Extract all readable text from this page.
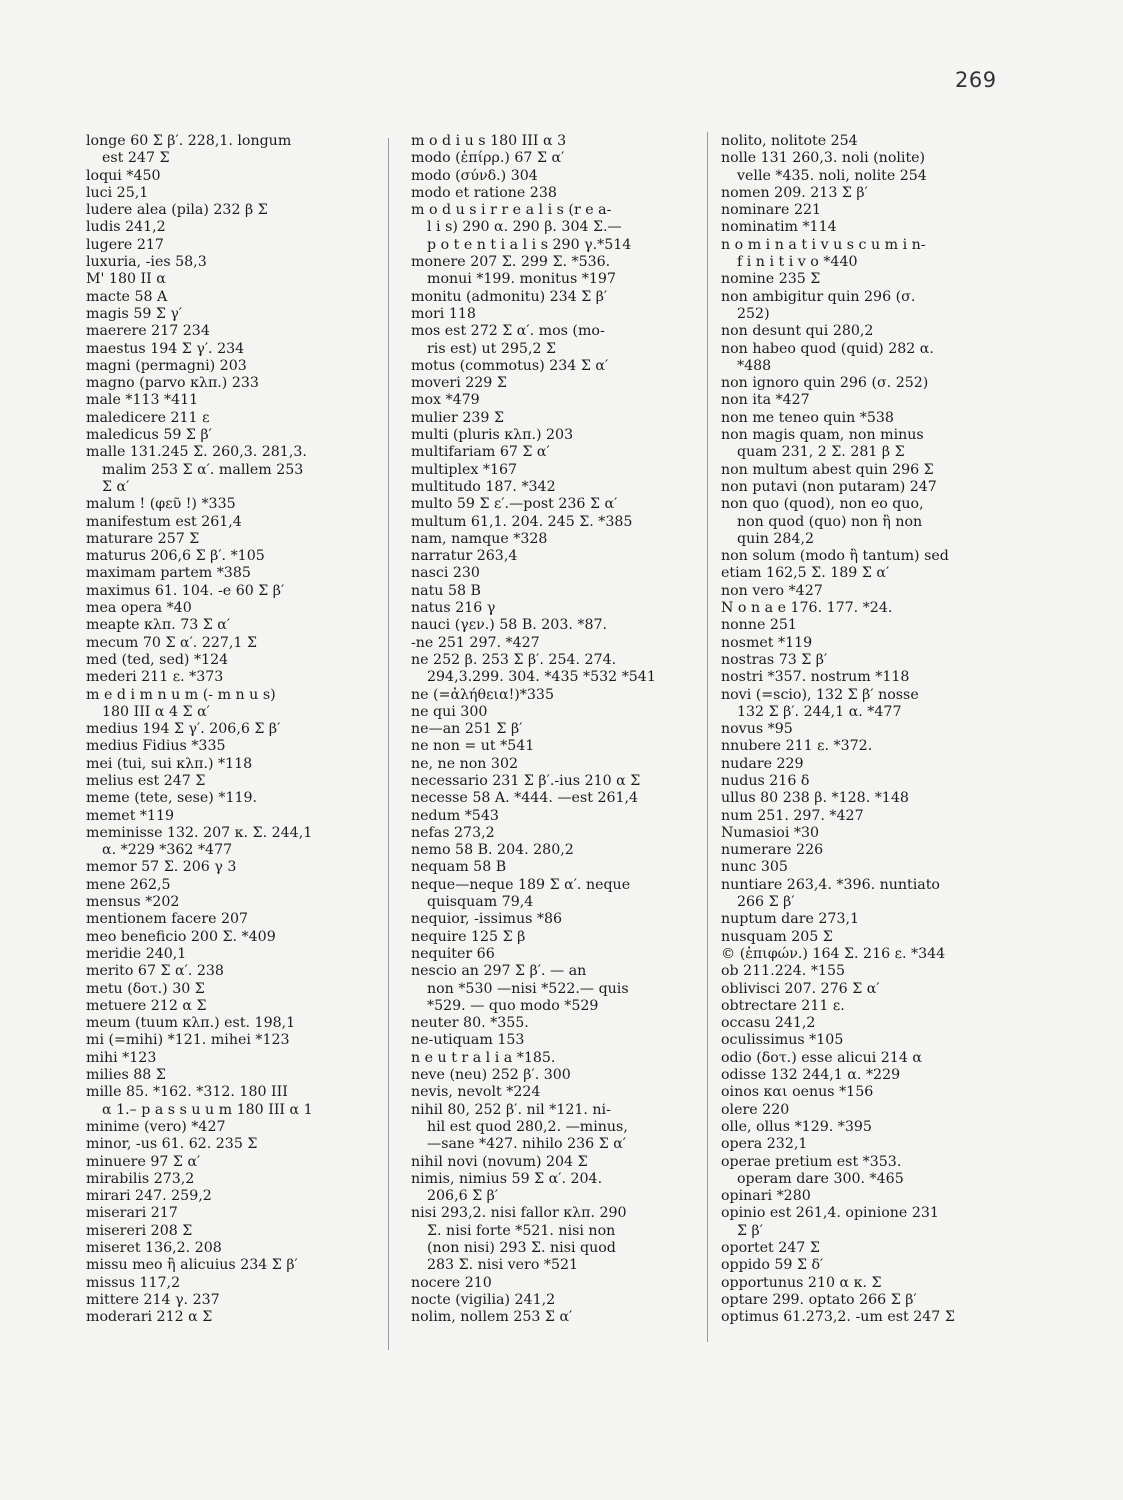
269
longe 60 Σ β′. 228,1. longum
est 247 Σ
loqui *450
luci 25,1
ludere alea (pila) 232 β Σ
ludis 241,2
lugere 217
luxuria, -ies 58,3
M' 180 II α
macte 58 A
magis 59 Σ γ′
maerere 217 234
maestus 194 Σ γ′. 234
magni (permagni) 203
magno (parvo κλπ.) 233
male *113 *411
maledicere 211 ε
maledicus 59 Σ β′
malle 131.245 Σ. 260,3. 281,3.
malim 253 Σ α′. mallem 253
Σ α′
malum ! (φεῦ !) *335
manifestum est 261,4
maturare 257 Σ
maturus 206,6 Σ β′. *105
maximam partem *385
maximus 61. 104. -e 60 Σ β′
mea opera *40
meapte κλπ. 73 Σ α′
mecum 70 Σ α′. 227,1 Σ
med (ted, sed) *124
mederi 211 ε. *373
m e d i m n u m (- m n u s)
180 III α 4 Σ α′
medius 194 Σ γ′. 206,6 Σ β′
medius Fidius *335
mei (tui, sui κλπ.) *118
melius est 247 Σ
meme (tete, sese) *119.
memet *119
meminisse 132. 207 κ. Σ. 244,1
α. *229 *362 *477
memor 57 Σ. 206 γ 3
mene 262,5
mensus *202
mentionem facere 207
meo beneficio 200 Σ. *409
meridie 240,1
merito 67 Σ α′. 238
metu (δοτ.) 30 Σ
metuere 212 α Σ
meum (tuum κλπ.) est. 198,1
mi (=mihi) *121. mihei *123
mihi *123
milies 88 Σ
mille 85. *162. *312. 180 III
α 1.– p a s s u u m 180 III α 1
minime (vero) *427
minor, -us 61. 62. 235 Σ
minuere 97 Σ α′
mirabilis 273,2
mirari 247. 259,2
miserari 217
misereri 208 Σ
miseret 136,2. 208
missu meo ἢ alicuius 234 Σ β′
missus 117,2
mittere 214 γ. 237
moderari 212 α Σ
m o d i u s 180 III α 3
modo (ἐπίρρ.) 67 Σ α′
modo (σύνδ.) 304
modo et ratione 238
m o d u s i r r e a l i s (r e a-
l i s) 290 α. 290 β. 304 Σ.—
p o t e n t i a l i s 290 γ.*514
monere 207 Σ. 299 Σ. *536.
monui *199. monitus *197
monitu (admonitu) 234 Σ β′
mori 118
mos est 272 Σ α′. mos (mo-
ris est) ut 295,2 Σ
motus (commotus) 234 Σ α′
moveri 229 Σ
mox *479
mulier 239 Σ
multi (pluris κλπ.) 203
multifariam 67 Σ α′
multiplex *167
multitudo 187. *342
multo 59 Σ ε′.—post 236 Σ α′
multum 61,1. 204. 245 Σ. *385
nam, namque *328
narratur 263,4
nasci 230
natu 58 B
natus 216 γ
nauci (γεν.) 58 B. 203. *87.
-ne 251 297. *427
ne 252 β. 253 Σ β′. 254. 274.
294,3.299. 304. *435 *532 *541
ne (=ἀλήθεια!)*335
ne qui 300
ne—an 251 Σ β′
ne non = ut *541
ne, ne non 302
necessario 231 Σ β′.-ius 210 α Σ
necesse 58 A. *444. —est 261,4
nedum *543
nefas 273,2
nemo 58 B. 204. 280,2
nequam 58 B
neque—neque 189 Σ α′. neque
quisquam 79,4
nequior, -issimus *86
nequire 125 Σ β
nequiter 66
nescio an 297 Σ β′. — an
non *530 —nisi *522.— quis
*529. — quo modo *529
neuter 80. *355.
ne-utiquam 153
n e u t r a l i a *185.
neve (neu) 252 β′. 300
nevis, nevolt *224
nihil 80, 252 β′. nil *121. ni-
hil est quod 280,2. —minus,
—sane *427. nihilo 236 Σ α′
nihil novi (novum) 204 Σ
nimis, nimius 59 Σ α′. 204.
206,6 Σ β′
nisi 293,2. nisi fallor κλπ. 290
Σ. nisi forte *521. nisi non
(non nisi) 293 Σ. nisi quod
283 Σ. nisi vero *521
nocere 210
nocte (vigilia) 241,2
nolim, nollem 253 Σ α′
nolito, nolitote 254
nolle 131 260,3. noli (nolite)
velle *435. noli, nolite 254
nomen 209. 213 Σ β′
nominare 221
nominatim *114
n o m i n a t i v u s c u m i n-
f i n i t i v o *440
nomine 235 Σ
non ambigitur quin 296 (σ.
252)
non desunt qui 280,2
non habeo quod (quid) 282 α.
*488
non ignoro quin 296 (σ. 252)
non ita *427
non me teneo quin *538
non magis quam, non minus
quam 231, 2 Σ. 281 β Σ
non multum abest quin 296 Σ
non putavi (non putaram) 247
non quo (quod), non eo quo,
non quod (quo) non ἢ non
quin 284,2
non solum (modo ἢ tantum) sed
etiam 162,5 Σ. 189 Σ α′
non vero *427
N o n a e 176. 177. *24.
nonne 251
nosmet *119
nostras 73 Σ β′
nostri *357. nostrum *118
novi (=scio), 132 Σ β′ nosse
132 Σ β′. 244,1 α. *477
novus *95
nnubere 211 ε. *372.
nudare 229
nudus 216 δ
ullus 80 238 β. *128. *148
num 251. 297. *427
Numasioi *30
numerare 226
nunc 305
nuntiare 263,4. *396. nuntiato
266 Σ β′
nuptum dare 273,1
nusquam 205 Σ
© (ἐπιφών.) 164 Σ. 216 ε. *344
ob 211.224. *155
oblivisci 207. 276 Σ α′
obtrectare 211 ε.
occasu 241,2
oculissimus *105
odio (δοτ.) esse alicui 214 α
odisse 132 244,1 α. *229
oinos και oenus *156
olere 220
olle, ollus *129. *395
opera 232,1
operae pretium est *353.
operam dare 300. *465
opinari *280
opinio est 261,4. opinione 231
Σ β′
oportet 247 Σ
oppido 59 Σ δ′
opportunus 210 α κ. Σ
optare 299. optato 266 Σ β′
optimus 61.273,2. -um est 247 Σ
